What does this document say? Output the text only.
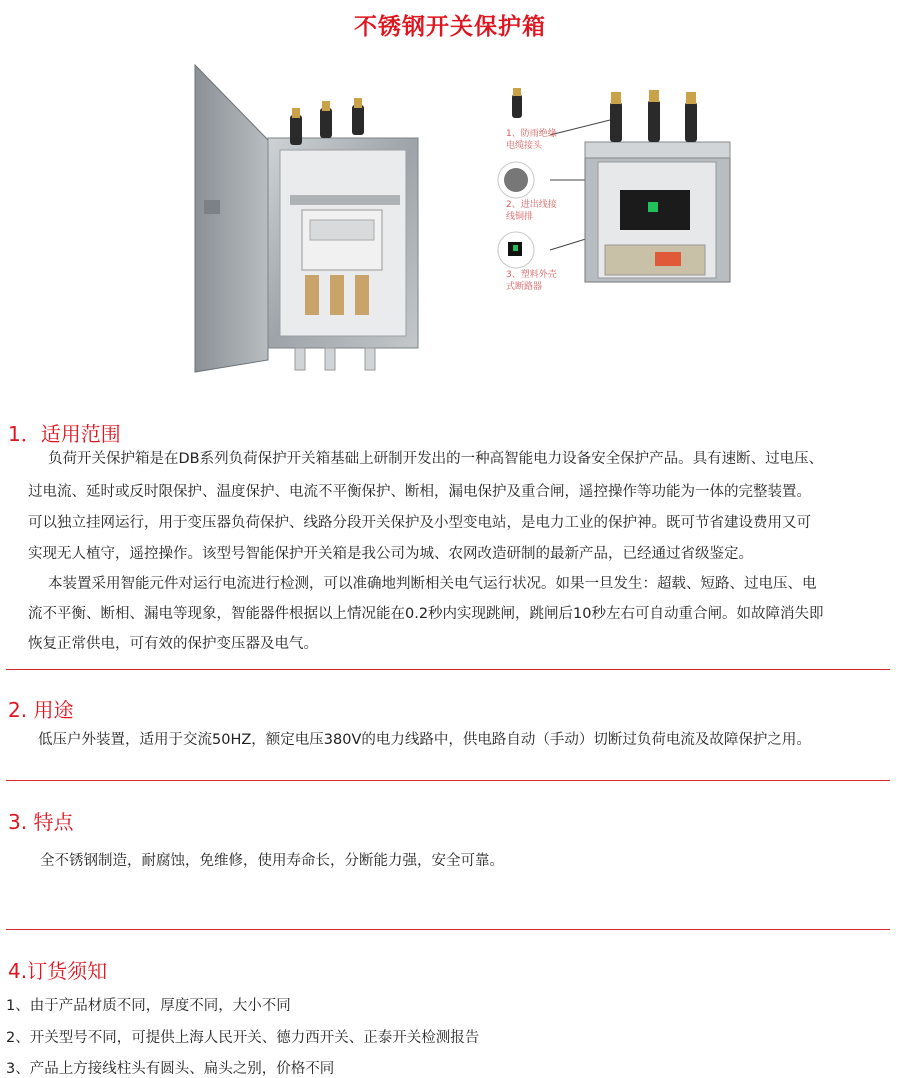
不锈钢开关保护箱
1、防雨绝缘
电缆接头
2、进出线接
线铜排
3、塑料外壳
式断路器
1．适用范围

负荷开关保护箱是在DB系列负荷保护开关箱基础上研制开发出的一种高智能电力设备安全保护产品。具有速断、过电压、

过电流、延时或反时限保护、温度保护、电流不平衡保护、断相，漏电保护及重合闸，遥控操作等功能为一体的完整装置。

可以独立挂网运行，用于变压器负荷保护、线路分段开关保护及小型变电站，是电力工业的保护神。既可节省建设费用又可

实现无人植守，遥控操作。该型号智能保护开关箱是我公司为城、农网改造研制的最新产品，已经通过省级鉴定。

本装置采用智能元件对运行电流进行检测，可以准确地判断相关电气运行状况。如果一旦发生：超载、短路、过电压、电

流不平衡、断相、漏电等现象，智能器件根据以上情况能在0.2秒内实现跳闸，跳闸后10秒左右可自动重合闸。如故障消失即

恢复正常供电，可有效的保护变压器及电气。

2. 用途

低压户外装置，适用于交流50HZ，额定电压380V的电力线路中，供电路自动（手动）切断过负荷电流及故障保护之用。

3. 特点

全不锈钢制造，耐腐蚀，免维修，使用寿命长，分断能力强，安全可靠。

4.订货须知
1、由于产品材质不同，厚度不同，大小不同
2、开关型号不同，可提供上海人民开关、德力西开关、正泰开关检测报告
3、产品上方接线柱头有圆头、扁头之别，价格不同
